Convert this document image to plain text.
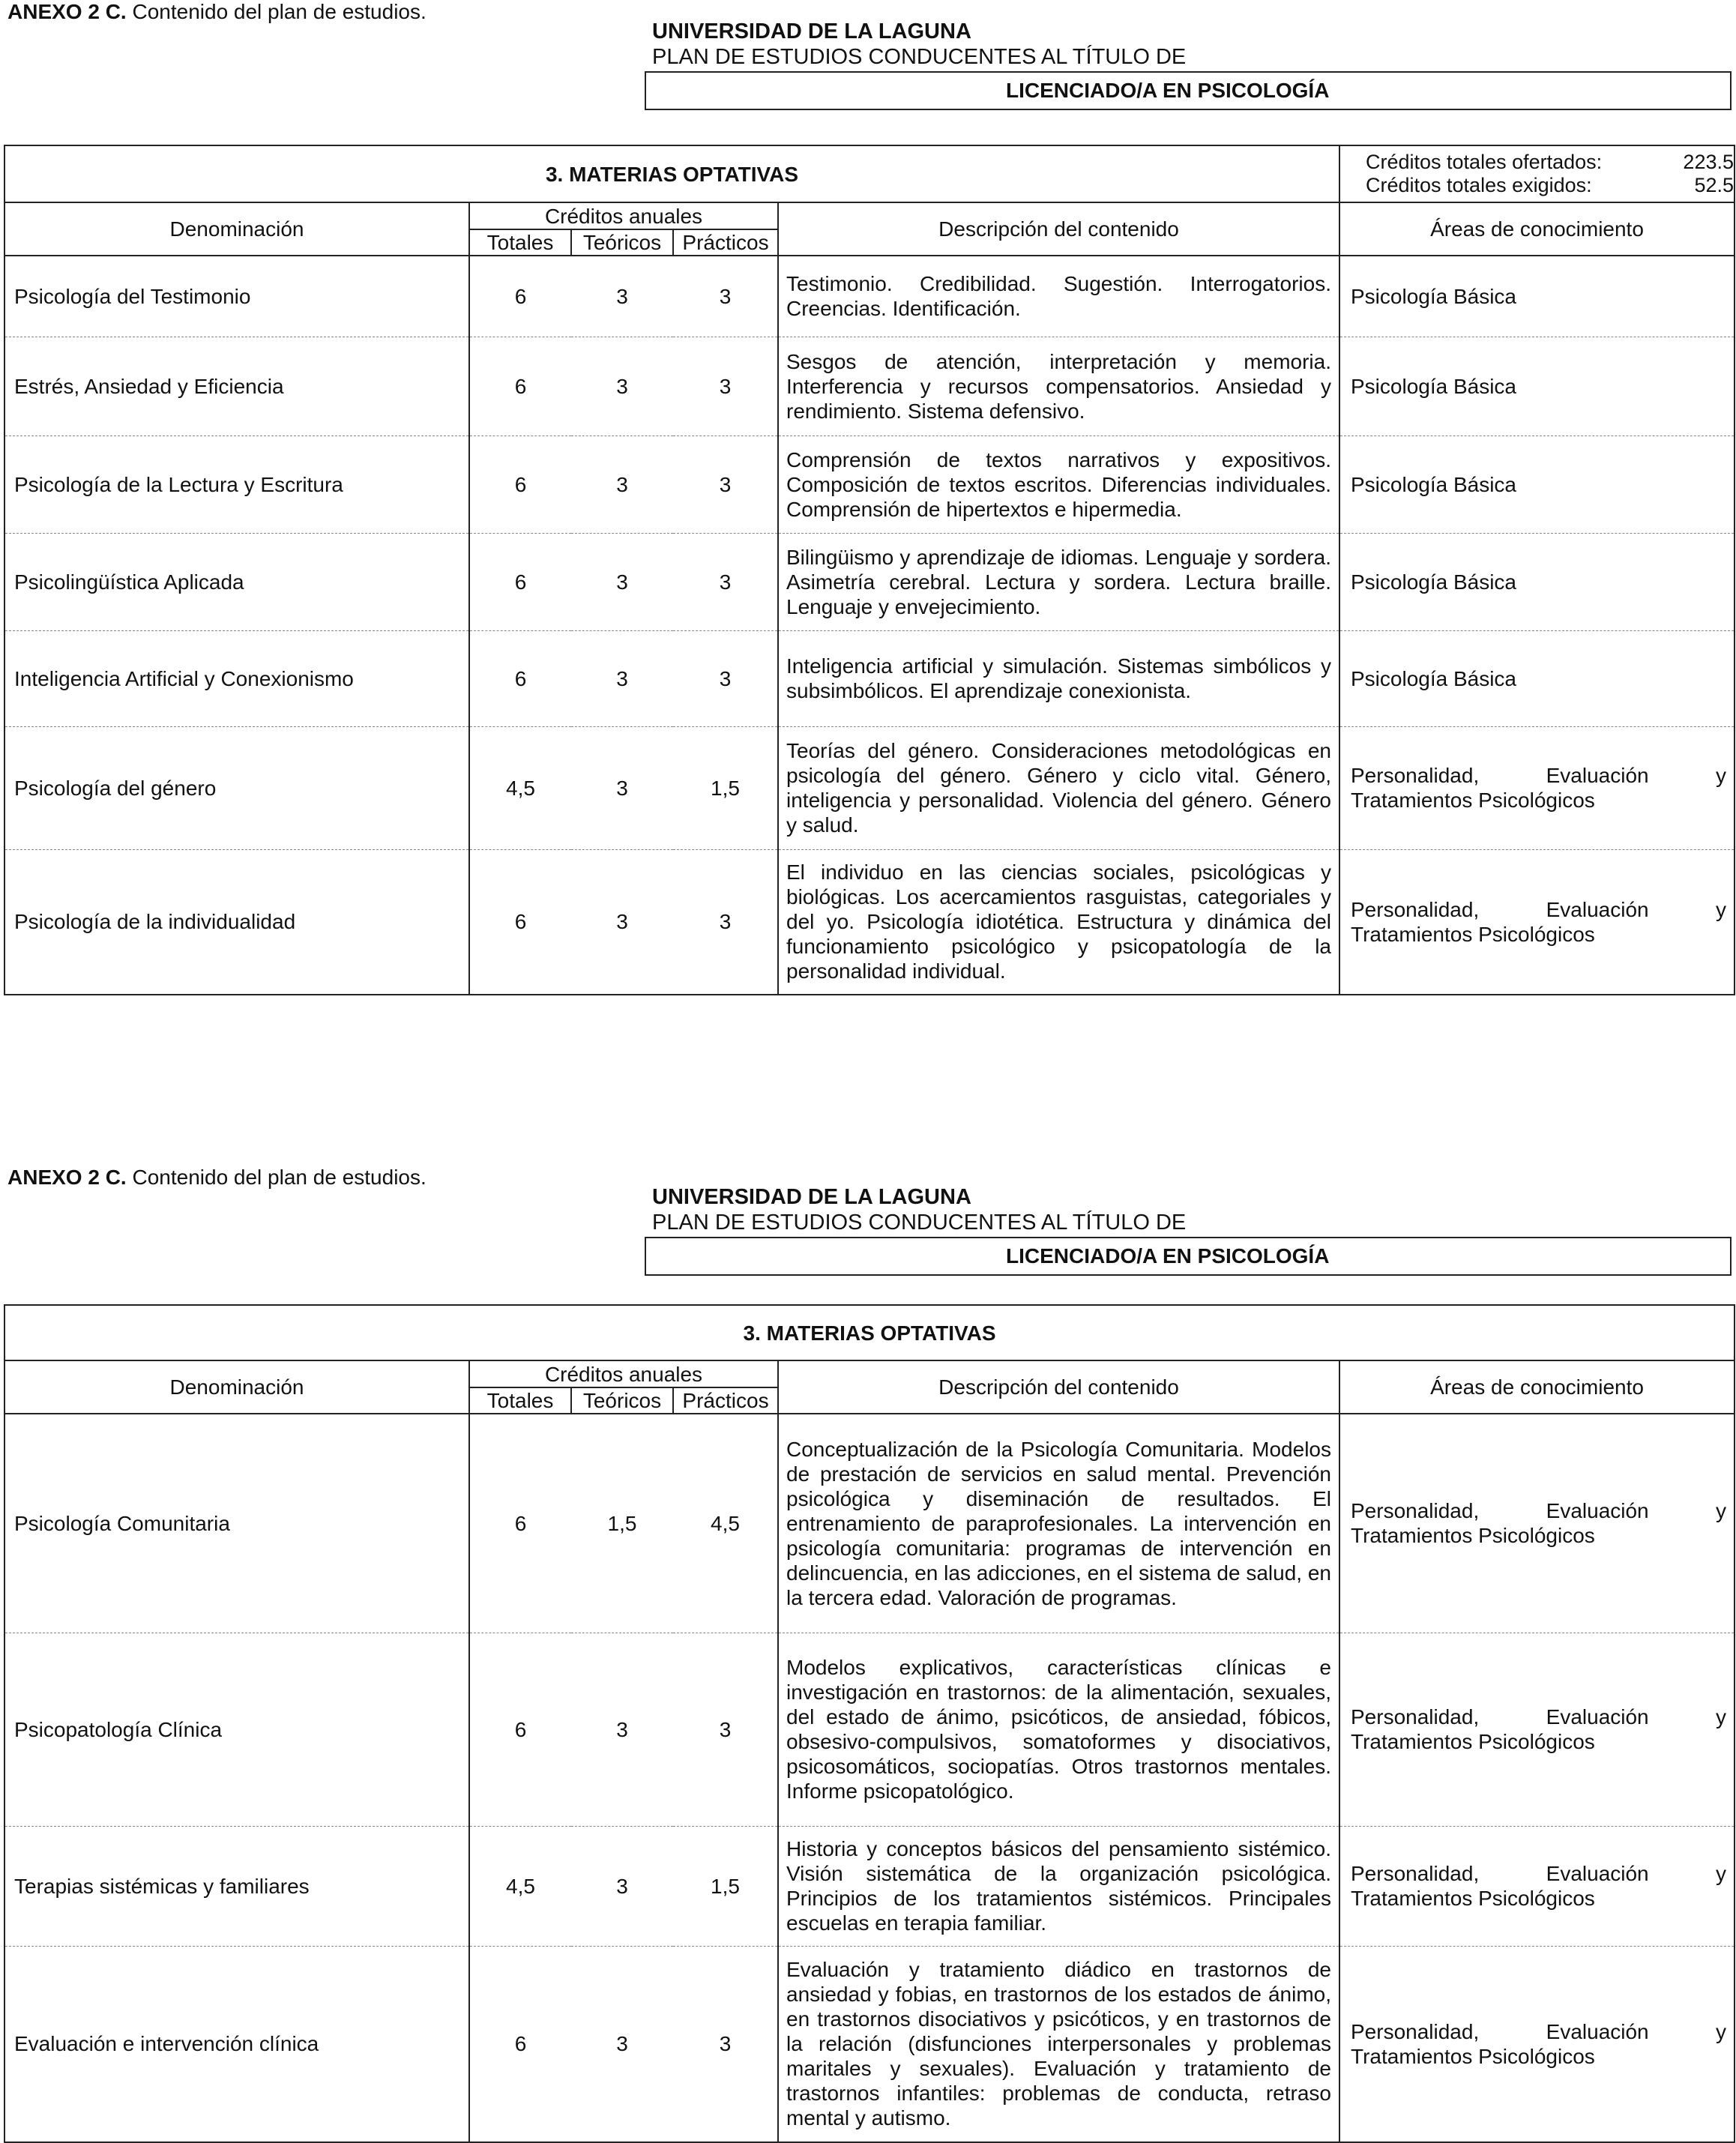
ANEXO 2 C. Contenido del plan de estudios.
UNIVERSIDAD DE LA LAGUNA
PLAN DE ESTUDIOS CONDUCENTES AL TÍTULO DE
LICENCIADO/A EN PSICOLOGÍA
3. MATERIAS OPTATIVAS					Créditos totales ofertados: 223.5
Créditos totales exigidos: 52.5

Denominación	Créditos anuales			Descripción del contenido	Áreas de conocimiento
	Totales	Teóricos	Prácticos		
Psicología del Testimonio	6	3	3	Testimonio. Credibilidad. Sugestión. Interrogatorios. Creencias. Identificación.	Psicología Básica
Estrés, Ansiedad y Eficiencia	6	3	3	Sesgos de atención, interpretación y memoria. Interferencia y recursos compensatorios. Ansiedad y rendimiento. Sistema defensivo.	Psicología Básica
Psicología de la Lectura y Escritura	6	3	3	Comprensión de textos narrativos y expositivos. Composición de textos escritos. Diferencias individuales. Comprensión de hipertextos e hipermedia.	Psicología Básica
Psicolingüística Aplicada	6	3	3	Bilingüismo y aprendizaje de idiomas. Lenguaje y sordera. Asimetría cerebral. Lectura y sordera. Lectura braille. Lenguaje y envejecimiento.	Psicología Básica
Inteligencia Artificial y Conexionismo	6	3	3	Inteligencia artificial y simulación. Sistemas simbólicos y subsimbólicos. El aprendizaje conexionista.	Psicología Básica
Psicología del género	4,5	3	1,5	Teorías del género. Consideraciones metodológicas en psicología del género. Género y ciclo vital. Género, inteligencia y personalidad. Violencia del género. Género y salud.	Personalidad, Evaluación y Tratamientos Psicológicos
Psicología de la individualidad	6	3	3	El individuo en las ciencias sociales, psicológicas y biológicas. Los acercamientos rasguistas, categoriales y del yo. Psicología idiotética. Estructura y dinámica del funcionamiento psicológico y psicopatología de la personalidad individual.	Personalidad, Evaluación y Tratamientos Psicológicos
ANEXO 2 C. Contenido del plan de estudios.
UNIVERSIDAD DE LA LAGUNA
PLAN DE ESTUDIOS CONDUCENTES AL TÍTULO DE
LICENCIADO/A EN PSICOLOGÍA
3. MATERIAS OPTATIVAS					
Denominación	Créditos anuales			Descripción del contenido	Áreas de conocimiento
	Totales	Teóricos	Prácticos		
Psicología Comunitaria	6	1,5	4,5	Conceptualización de la Psicología Comunitaria. Modelos de prestación de servicios en salud mental. Prevención psicológica y diseminación de resultados. El entrenamiento de paraprofesionales. La intervención en psicología comunitaria: programas de intervención en delincuencia, en las adicciones, en el sistema de salud, en la tercera edad. Valoración de programas.	Personalidad, Evaluación y Tratamientos Psicológicos
Psicopatología Clínica	6	3	3	Modelos explicativos, características clínicas e investigación en trastornos: de la alimentación, sexuales, del estado de ánimo, psicóticos, de ansiedad, fóbicos, obsesivo-compulsivos, somatoformes y disociativos, psicosomáticos, sociopatías. Otros trastornos mentales. Informe psicopatológico.	Personalidad, Evaluación y Tratamientos Psicológicos
Terapias sistémicas y familiares	4,5	3	1,5	Historia y conceptos básicos del pensamiento sistémico. Visión sistemática de la organización psicológica. Principios de los tratamientos sistémicos. Principales escuelas en terapia familiar.	Personalidad, Evaluación y Tratamientos Psicológicos
Evaluación e intervención clínica	6	3	3	Evaluación y tratamiento diádico en trastornos de ansiedad y fobias, en trastornos de los estados de ánimo, en trastornos disociativos y psicóticos, y en trastornos de la relación (disfunciones interpersonales y problemas maritales y sexuales). Evaluación y tratamiento de trastornos infantiles: problemas de conducta, retraso mental y autismo.	Personalidad, Evaluación y Tratamientos Psicológicos
